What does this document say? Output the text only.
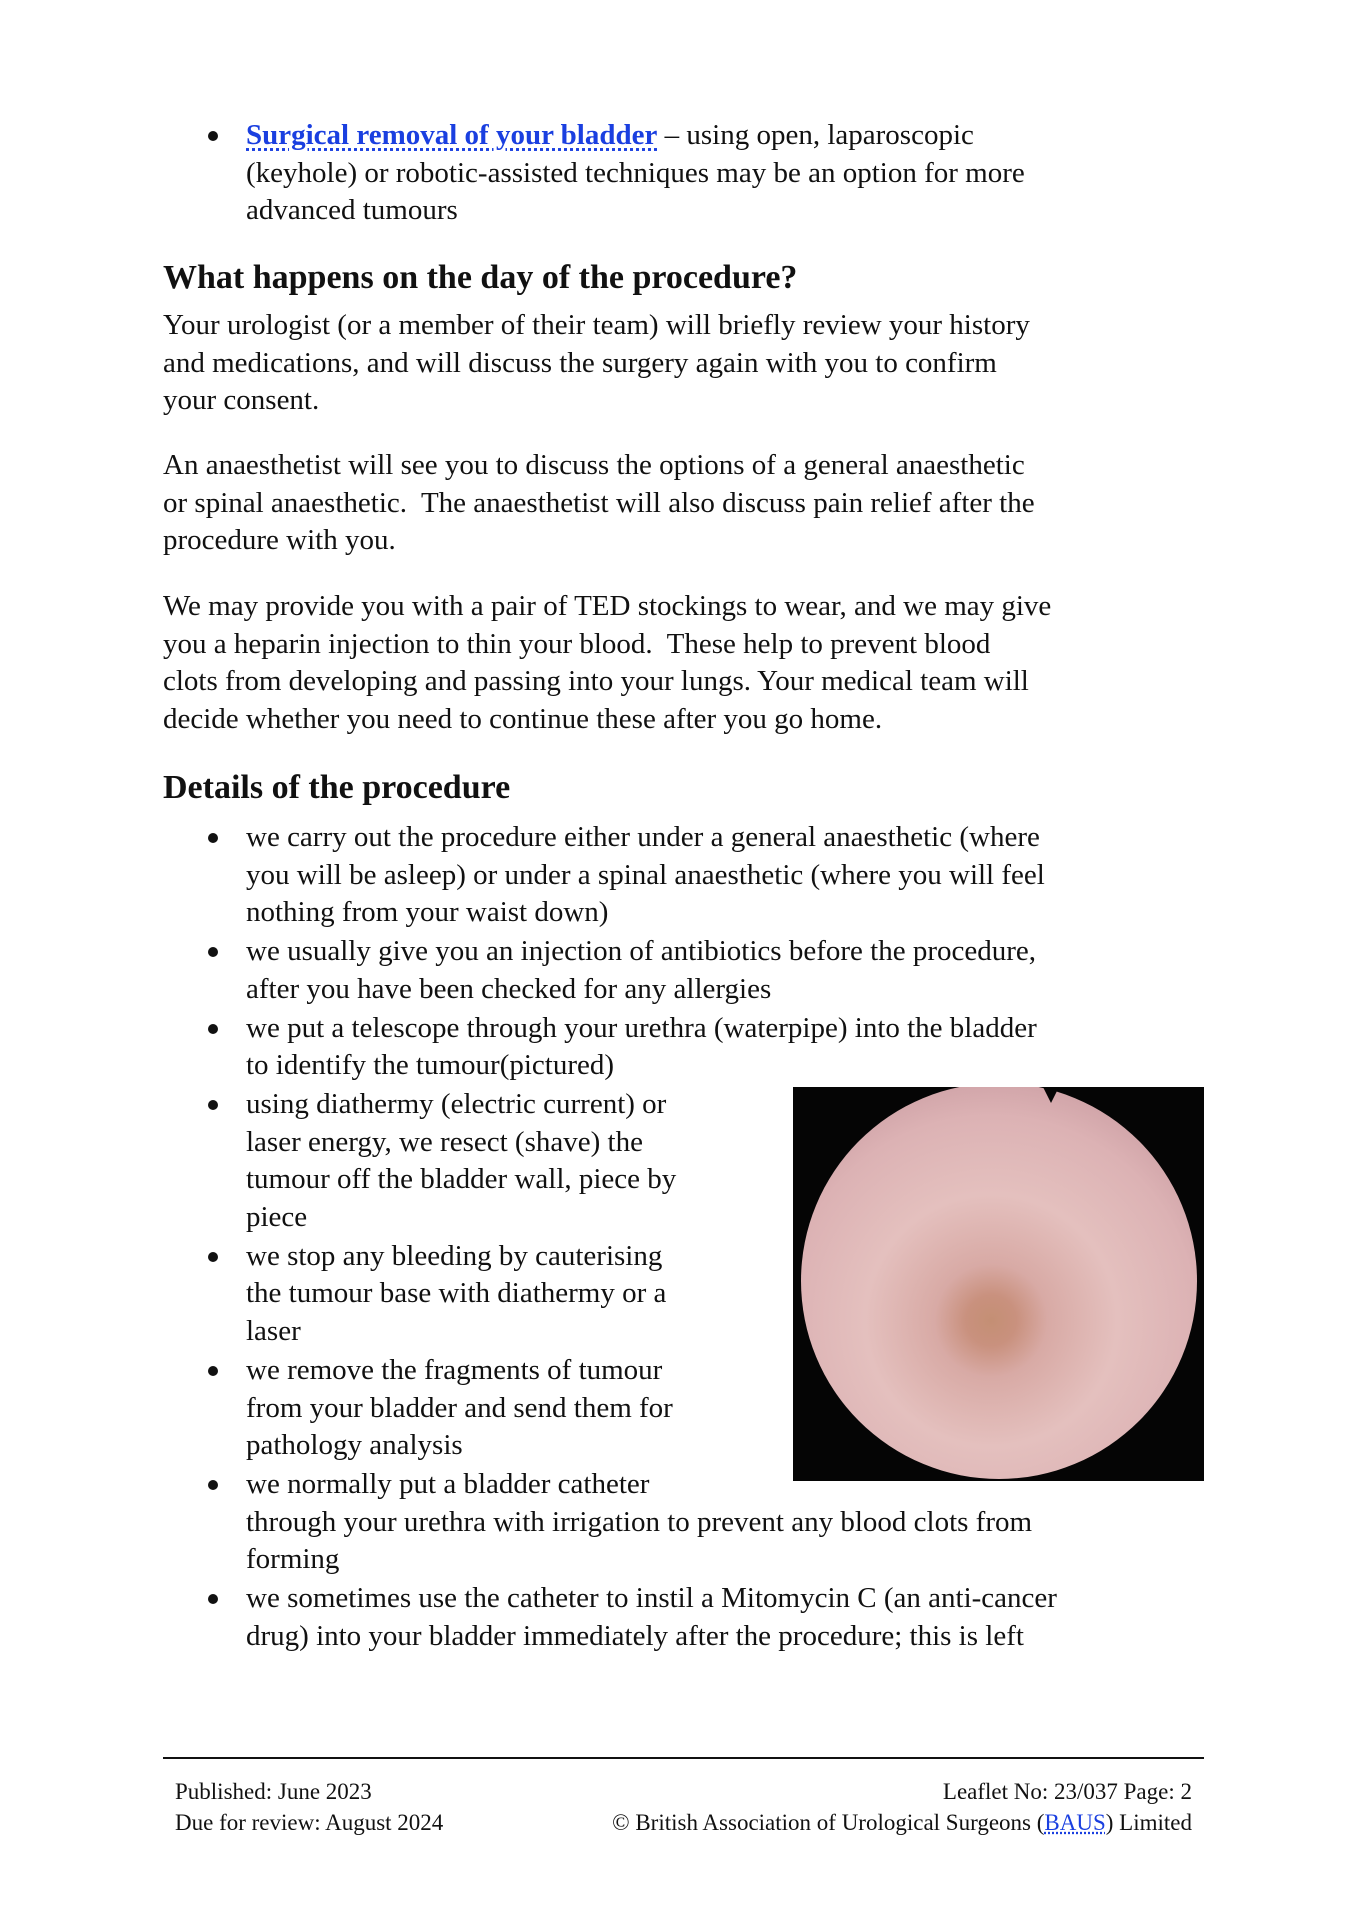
Surgical removal of your bladder – using open, laparoscopic
(keyhole) or robotic-assisted techniques may be an option for more
advanced tumours
What happens on the day of the procedure?
Your urologist (or a member of their team) will briefly review your history
and medications, and will discuss the surgery again with you to confirm
your consent.
An anaesthetist will see you to discuss the options of a general anaesthetic
or spinal anaesthetic.  The anaesthetist will also discuss pain relief after the
procedure with you.
We may provide you with a pair of TED stockings to wear, and we may give
you a heparin injection to thin your blood.  These help to prevent blood
clots from developing and passing into your lungs. Your medical team will
decide whether you need to continue these after you go home.
Details of the procedure
we carry out the procedure either under a general anaesthetic (where
you will be asleep) or under a spinal anaesthetic (where you will feel
nothing from your waist down)
we usually give you an injection of antibiotics before the procedure,
after you have been checked for any allergies
we put a telescope through your urethra (waterpipe) into the bladder
to identify the tumour(pictured)
using diathermy (electric current) or
laser energy, we resect (shave) the
tumour off the bladder wall, piece by
piece
we stop any bleeding by cauterising
the tumour base with diathermy or a
laser
we remove the fragments of tumour
from your bladder and send them for
pathology analysis
we normally put a bladder catheter
through your urethra with irrigation to prevent any blood clots from
forming
we sometimes use the catheter to instil a Mitomycin C (an anti-cancer
drug) into your bladder immediately after the procedure; this is left
Published: June 2023
Due for review: August 2024
Leaflet No: 23/037 Page: 2
© British Association of Urological Surgeons (BAUS) Limited
